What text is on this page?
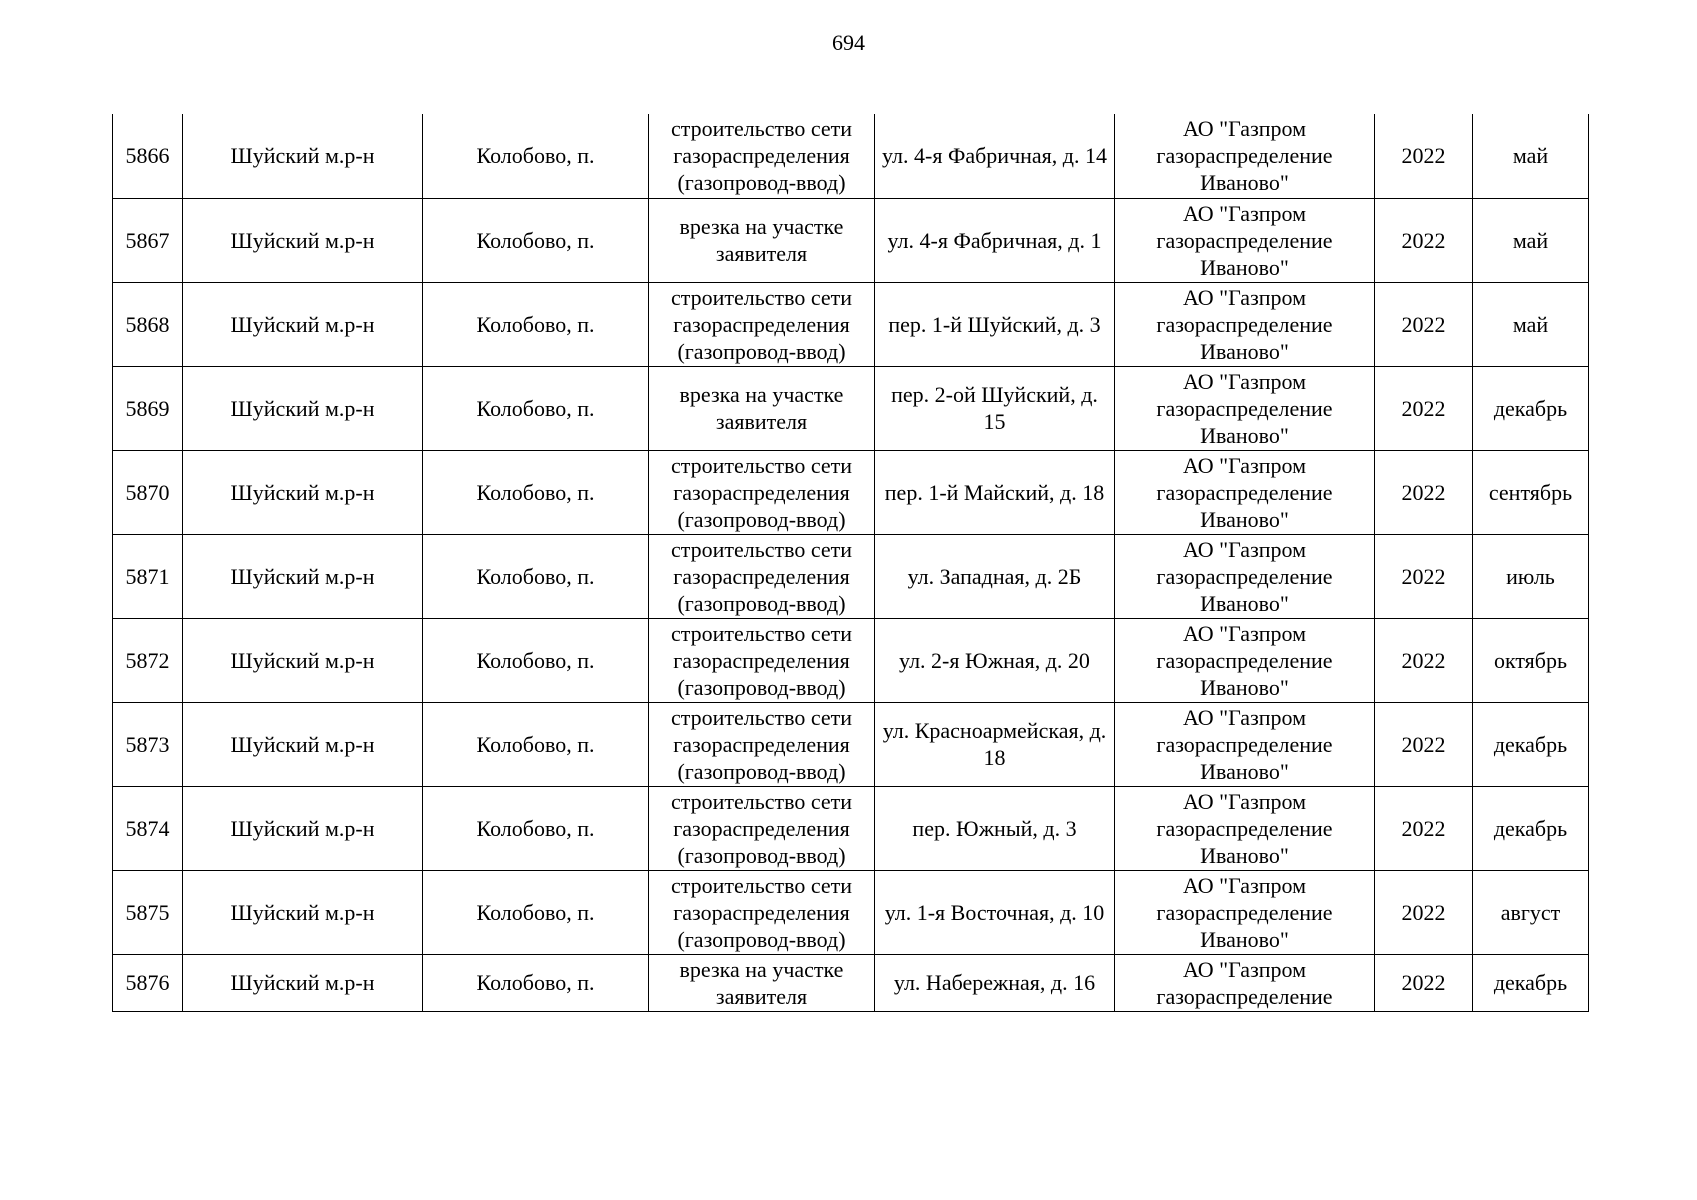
694
5866	Шуйский м.р-н	Колобово, п.	строительство сети газораспределения (газопровод-ввод)	ул. 4-я Фабричная, д. 14	АО "Газпром газораспределение Иваново"	2022	май
5867	Шуйский м.р-н	Колобово, п.	врезка на участке заявителя	ул. 4-я Фабричная, д. 1	АО "Газпром газораспределение Иваново"	2022	май
5868	Шуйский м.р-н	Колобово, п.	строительство сети газораспределения (газопровод-ввод)	пер. 1-й Шуйский, д. 3	АО "Газпром газораспределение Иваново"	2022	май
5869	Шуйский м.р-н	Колобово, п.	врезка на участке заявителя	пер. 2-ой Шуйский, д. 15	АО "Газпром газораспределение Иваново"	2022	декабрь
5870	Шуйский м.р-н	Колобово, п.	строительство сети газораспределения (газопровод-ввод)	пер. 1-й Майский, д. 18	АО "Газпром газораспределение Иваново"	2022	сентябрь
5871	Шуйский м.р-н	Колобово, п.	строительство сети газораспределения (газопровод-ввод)	ул. Западная, д. 2Б	АО "Газпром газораспределение Иваново"	2022	июль
5872	Шуйский м.р-н	Колобово, п.	строительство сети газораспределения (газопровод-ввод)	ул. 2-я Южная, д. 20	АО "Газпром газораспределение Иваново"	2022	октябрь
5873	Шуйский м.р-н	Колобово, п.	строительство сети газораспределения (газопровод-ввод)	ул. Красноармейская, д. 18	АО "Газпром газораспределение Иваново"	2022	декабрь
5874	Шуйский м.р-н	Колобово, п.	строительство сети газораспределения (газопровод-ввод)	пер. Южный, д. 3	АО "Газпром газораспределение Иваново"	2022	декабрь
5875	Шуйский м.р-н	Колобово, п.	строительство сети газораспределения (газопровод-ввод)	ул. 1-я Восточная, д. 10	АО "Газпром газораспределение Иваново"	2022	август
5876	Шуйский м.р-н	Колобово, п.	врезка на участке заявителя	ул. Набережная, д. 16	АО "Газпром газораспределение	2022	декабрь
